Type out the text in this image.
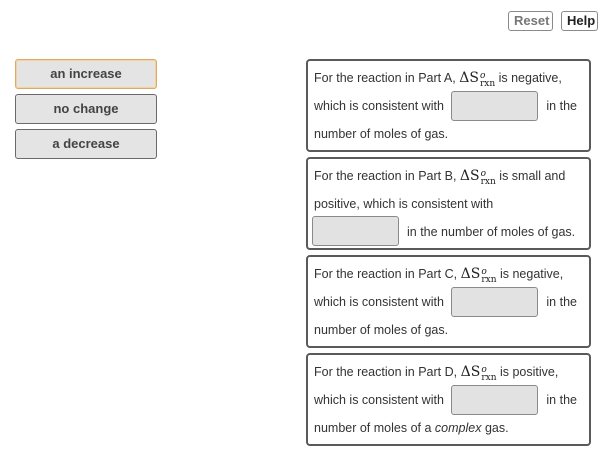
Reset	Help
an increase
no change
a decrease
For the reaction in Part A, ΔS o
rxn is negative,
which is consistent with	in the
number of moles of gas.
For the reaction in Part B, ΔS o
rxn is small and
positive, which is consistent with
in the number of moles of gas.
For the reaction in Part C, ΔS o
rxn is negative,
which is consistent with	in the
number of moles of gas.
For the reaction in Part D, ΔS o
rxn is positive,
which is consistent with	in the
number of moles of a complex gas.
